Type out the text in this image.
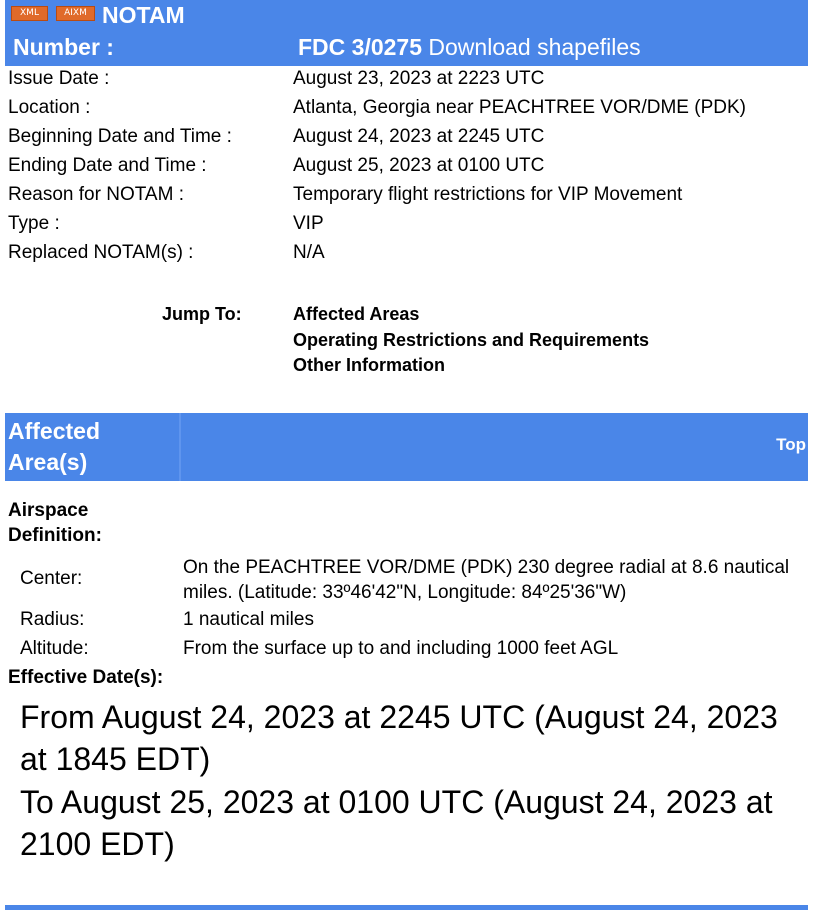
XML	AIXM NOTAM
Number :	FDC 3/0275 Download shapefiles
Issue Date :	August 23, 2023 at 2223 UTC
Location :	Atlanta, Georgia near PEACHTREE VOR/DME (PDK)
Beginning Date and Time :	August 24, 2023 at 2245 UTC
Ending Date and Time :	August 25, 2023 at 0100 UTC
Reason for NOTAM :	Temporary flight restrictions for VIP Movement
Type :	VIP
Replaced NOTAM(s) :	N/A
Jump To:	Affected Areas
Operating Restrictions and Requirements
Other Information
Affected Area(s)
Top
Airspace Definition:
Center:
On the PEACHTREE VOR/DME (PDK) 230 degree radial at 8.6 nautical miles. (Latitude: 33º46'42"N, Longitude: 84º25'36"W)
Radius:	1 nautical miles
Altitude:	From the surface up to and including 1000 feet AGL
Effective Date(s):
From August 24, 2023 at 2245 UTC (August 24, 2023 at 1845 EDT)
To August 25, 2023 at 0100 UTC (August 24, 2023 at 2100 EDT)
